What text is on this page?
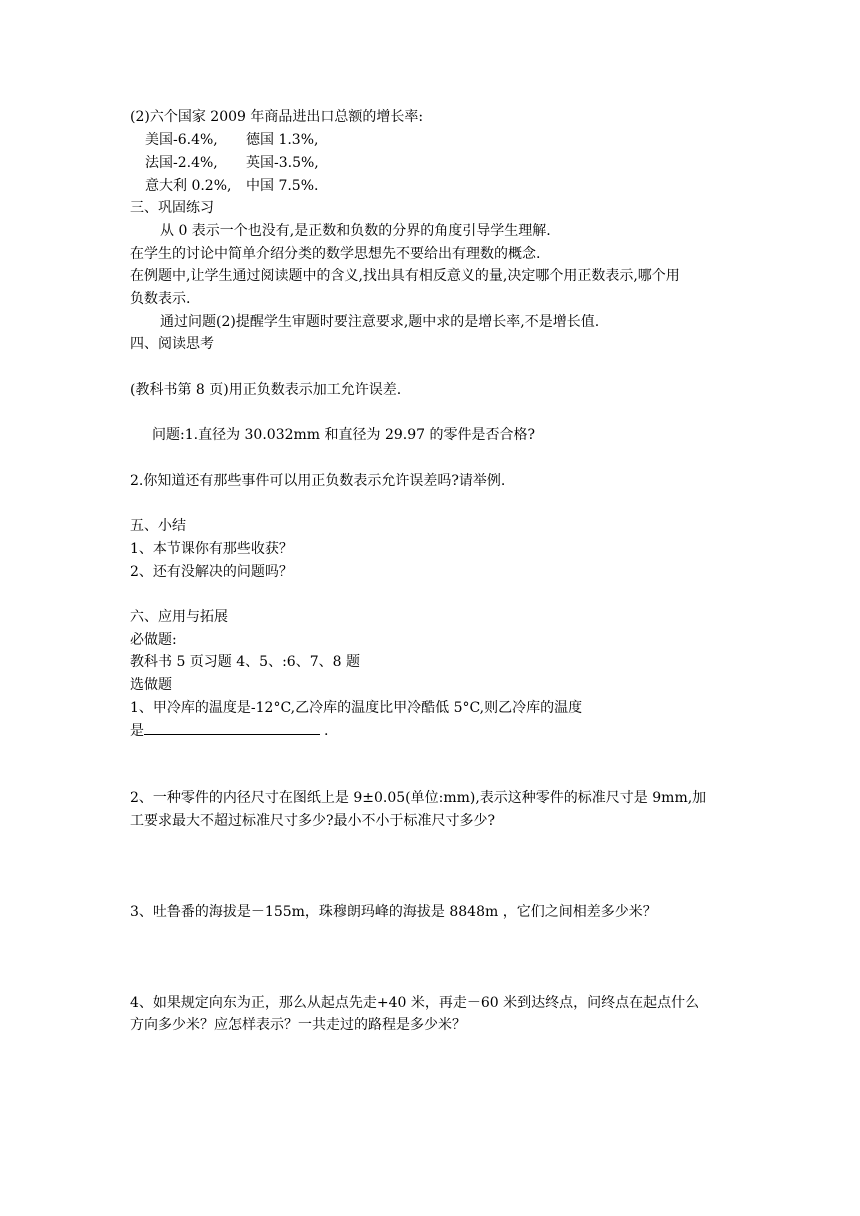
(2)六个国家 2009 年商品进出口总额的增长率:
美国-6.4%, 德国 1.3%,
法国-2.4%, 英国-3.5%,
意大利 0.2%, 中国 7.5%.
三、巩固练习
从 0 表示一个也没有,是正数和负数的分界的角度引导学生理解.
在学生的讨论中简单介绍分类的数学思想先不要给出有理数的概念.
在例题中,让学生通过阅读题中的含义,找出具有相反意义的量,决定哪个用正数表示,哪个用
负数表示.
通过问题(2)提醒学生审题时要注意要求,题中求的是增长率,不是增长值.
四、阅读思考
(教科书第 8 页)用正负数表示加工允许误差.
问题:1.直径为 30.032mm 和直径为 29.97 的零件是否合格?
2.你知道还有那些事件可以用正负数表示允许误差吗?请举例.
五、小结
1、本节课你有那些收获？
2、还有没解决的问题吗？
六、应用与拓展
必做题:
教科书 5 页习题 4、5、:6、7、8 题
选做题
1、甲冷库的温度是-12°C,乙冷库的温度比甲冷酷低 5°C,则乙冷库的温度
是	.
2、一种零件的内径尺寸在图纸上是 9±0.05(单位:mm),表示这种零件的标准尺寸是 9mm,加
工要求最大不超过标准尺寸多少?最小不小于标准尺寸多少?
3、吐鲁番的海拔是－155m，珠穆朗玛峰的海拔是 8848m ，它们之间相差多少米？
4、如果规定向东为正，那么从起点先走+40 米，再走－60 米到达终点，问终点在起点什么
方向多少米？应怎样表示？一共走过的路程是多少米？
